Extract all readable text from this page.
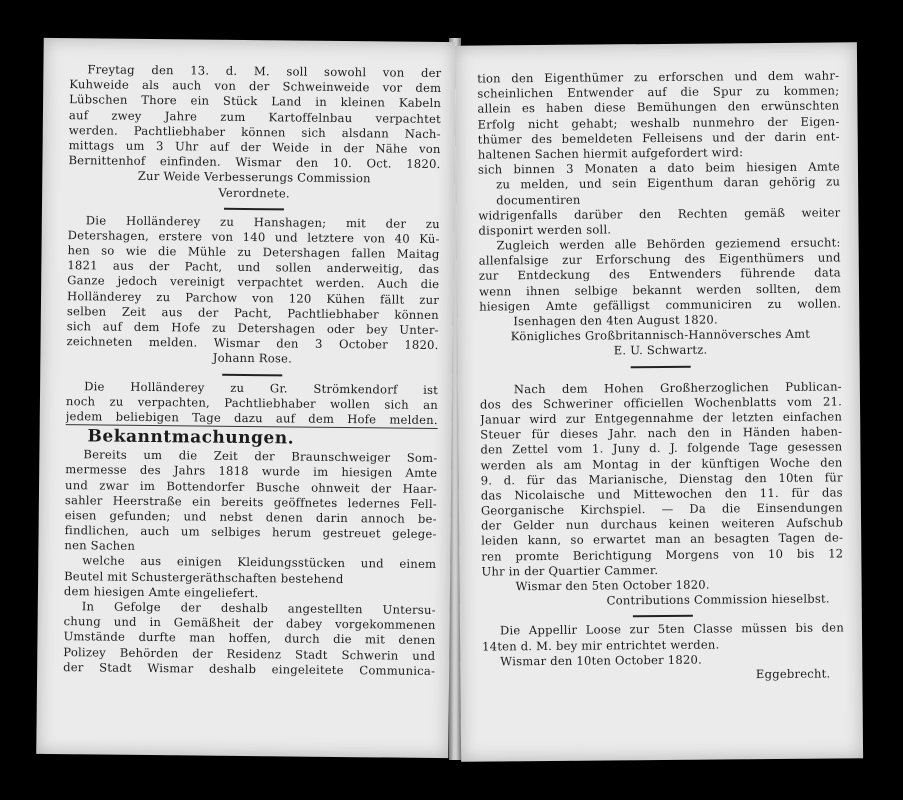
Freytag den 13. d. M. soll sowohl von der
Kuhweide als auch von der Schweinweide vor dem
Lübschen Thore ein Stück Land in kleinen Kabeln
auf zwey Jahre zum Kartoffelnbau verpachtet
werden. Pachtliebhaber können sich alsdann Nach-
mittags um 3 Uhr auf der Weide in der Nähe von
Bernittenhof einfinden. Wismar den 10. Oct. 1820.
Zur Weide Verbesserungs Commission
Verordnete.
Die Holländerey zu Hanshagen; mit der zu
Detershagen, erstere von 140 und letztere von 40 Kü-
hen so wie die Mühle zu Detershagen fallen Maitag
1821 aus der Pacht, und sollen anderweitig, das
Ganze jedoch vereinigt verpachtet werden. Auch die
Holländerey zu Parchow von 120 Kühen fällt zur
selben Zeit aus der Pacht, Pachtliebhaber können
sich auf dem Hofe zu Detershagen oder bey Unter-
zeichneten melden. Wismar den 3 October 1820.
Johann Rose.
Die Holländerey zu Gr. Strömkendorf ist
noch zu verpachten, Pachtliebhaber wollen sich an
jedem beliebigen Tage dazu auf dem Hofe melden.
Bekanntmachungen.
Bereits um die Zeit der Braunschweiger Som-
mermesse des Jahrs 1818 wurde im hiesigen Amte
und zwar im Bottendorfer Busche ohnweit der Haar-
sahler Heerstraße ein bereits geöffnetes ledernes Fell-
eisen gefunden; und nebst denen darin annoch be-
findlichen, auch um selbiges herum gestreuet gelege-
nen Sachen
welche aus einigen Kleidungsstücken und einem
Beutel mit Schustergeräthschaften bestehend
dem hiesigen Amte eingeliefert.
In Gefolge der deshalb angestellten Untersu-
chung und in Gemäßheit der dabey vorgekommenen
Umstände durfte man hoffen, durch die mit denen
Polizey Behörden der Residenz Stadt Schwerin und
der Stadt Wismar deshalb eingeleitete Communica-
tion den Eigenthümer zu erforschen und dem wahr-
scheinlichen Entwender auf die Spur zu kommen;
allein es haben diese Bemühungen den erwünschten
Erfolg nicht gehabt; weshalb nunmehro der Eigen-
thümer des bemeldeten Felleisens und der darin ent-
haltenen Sachen hiermit aufgefordert wird:
sich binnen 3 Monaten a dato beim hiesigen Amte
zu melden, und sein Eigenthum daran gehörig zu
documentiren
widrigenfalls darüber den Rechten gemäß weiter
disponirt werden soll.
Zugleich werden alle Behörden geziemend ersucht:
allenfalsige zur Erforschung des Eigenthümers und
zur Entdeckung des Entwenders führende data
wenn ihnen selbige bekannt werden sollten, dem
hiesigen Amte gefälligst communiciren zu wollen.
Isenhagen den 4ten August 1820.
Königliches Großbritannisch-Hannöversches Amt
E. U. Schwartz.
Nach dem Hohen Großherzoglichen Publican-
dos des Schweriner officiellen Wochenblatts vom 21.
Januar wird zur Entgegennahme der letzten einfachen
Steuer für dieses Jahr. nach den in Händen haben-
den Zettel vom 1. Juny d. J. folgende Tage gesessen
werden als am Montag in der künftigen Woche den
9. d. für das Marianische, Dienstag den 10ten für
das Nicolaische und Mittewochen den 11. für das
Georganische Kirchspiel. — Da die Einsendungen
der Gelder nun durchaus keinen weiteren Aufschub
leiden kann, so erwartet man an besagten Tagen de-
ren promte Berichtigung Morgens von 10 bis 12
Uhr in der Quartier Cammer.
Wismar den 5ten October 1820.
Contributions Commission hieselbst.
Die Appellir Loose zur 5ten Classe müssen bis den
14ten d. M. bey mir entrichtet werden.
Wismar den 10ten October 1820.
Eggebrecht.
